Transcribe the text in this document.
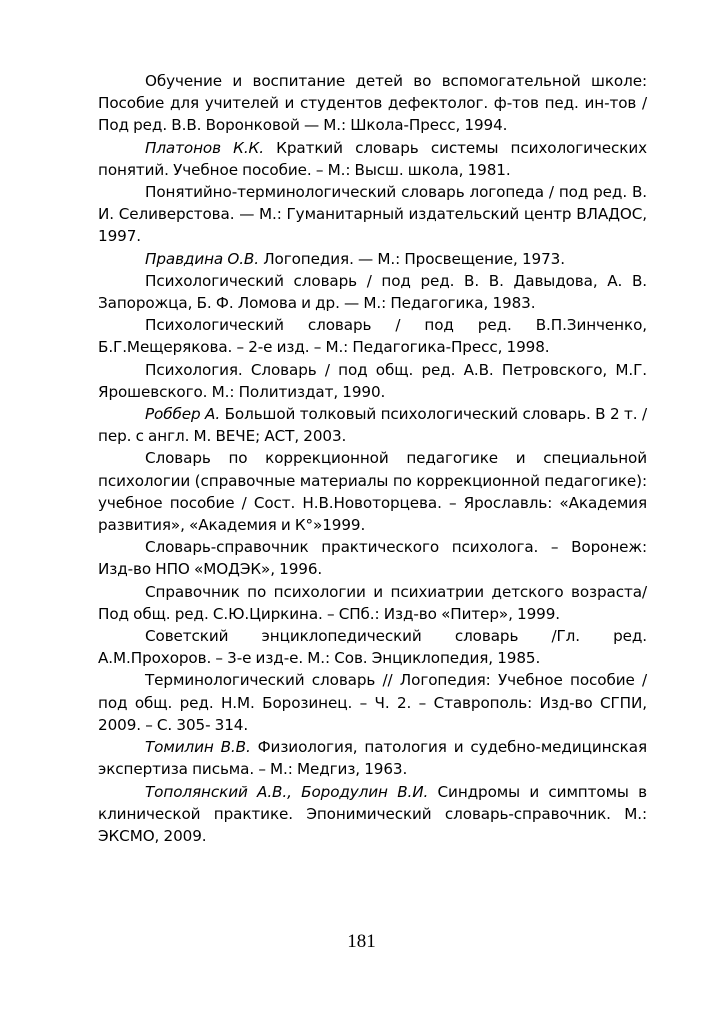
Обучение и воспитание детей во вспомогательной школе: Пособие для учителей и студентов дефектолог. ф-тов пед. ин-тов / Под ред. В.В. Воронковой — М.: Школа-Пресс, 1994.

Платонов К.К. Краткий словарь системы психологических понятий. Учебное пособие. – М.: Высш. школа, 1981.

Понятийно-терминологический словарь логопеда / под ред. В. И. Селиверстова. — М.: Гуманитарный издательский центр ВЛАДОС, 1997.

Правдина О.В. Логопедия. — М.: Просвещение, 1973.

Психологический словарь / под ред. В. В. Давыдова, А. В. Запорожца, Б. Ф. Ломова и др. — М.: Педагогика, 1983.

Психологический словарь / под ред. В.П.Зинченко, Б.Г.Мещерякова. – 2-е изд. – М.: Педагогика-Пресс, 1998.

Психология. Словарь / под общ. ред. А.В. Петровского, М.Г. Ярошевского. М.: Политиздат, 1990.

Роббер А. Большой толковый психологический словарь. В 2 т. / пер. с англ. М. ВЕЧЕ; АСТ, 2003.

Словарь по коррекционной педагогике и специальной психологии (справочные материалы по коррекционной педагогике): учебное пособие / Сост. Н.В.Новоторцева. – Ярославль: «Академия развития», «Академия и К°»1999.

Словарь-справочник практического психолога. – Воронеж: Изд-во НПО «МОДЭК», 1996.

Справочник по психологии и психиатрии детского возраста/ Под общ. ред. С.Ю.Циркина. – СПб.: Изд-во «Питер», 1999.

Советский энциклопедический словарь /Гл. ред. А.М.Прохоров. – 3-е изд-е. М.: Сов. Энциклопедия, 1985.

Терминологический словарь // Логопедия: Учебное пособие / под общ. ред. Н.М. Борозинец. – Ч. 2. – Ставрополь: Изд-во СГПИ, 2009. – С. 305- 314.

Томилин В.В. Физиология, патология и судебно-медицинская экспертиза письма. – М.: Медгиз, 1963.

Тополянский А.В., Бородулин В.И. Синдромы и симптомы в клинической практике. Эпонимический словарь-справочник. М.: ЭКСМО, 2009.

181
